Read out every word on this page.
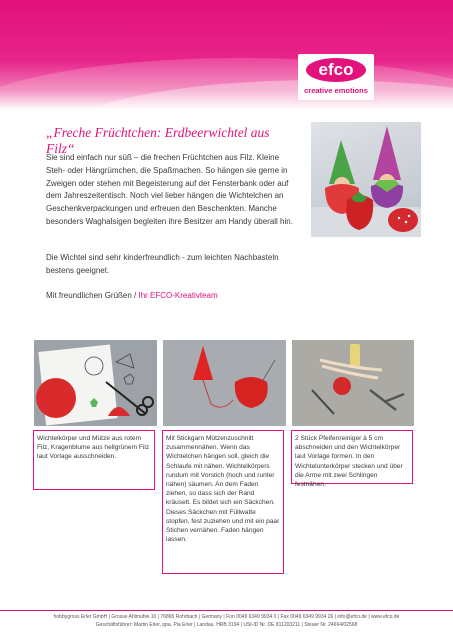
efco
creative emotions
„Freche Früchtchen: Erdbeerwichtel aus Filz“

Sie sind einfach nur süß – die frechen Früchtchen aus Filz. Kleine Steh- oder Hängrümchen, die Spaßmachen. So hängen sie gerne in Zweigen oder stehen mit Begeisterung auf der Fensterbank oder auf dem Jahreszeitentisch. Noch viel lieber hängen die Wichtelchen an Geschenkverpackungen und erfreuen den Beschenkten. Manche besonders Waghalsigen begleiten ihre Besitzer am Handy überall hin.

Die Wichtel sind sehr kinderfreundlich - zum leichten Nachbasteln bestens geeignet.

Mit freundlichen Grüßen / Ihr EFCO-Kreativteam

Wichtelkörper und Mütze aus rotem Filz, Kragenblume aus hellgrünem Filz laut Vorlage ausschneiden.

Mit Stickgarn Mützenzuschnitt zusammennähen. Wenn das Wichtelchen hängen soll, gleich die Schlaufe mit nähen. Wichtelkörpers rundum mit Vorstich (hoch und runter nähen) säumen. An dem Faden ziehen, so dass sich der Rand kräuselt. Es bildet sich ein Säckchen. Dieses Säckchen mit Füllwatte stopfen, fest zuziehen und mit ein paar Stichen vernähen. Faden hängen lassen.

2 Stück Pfeifenreiniger à 5 cm abschneiden und den Wichtelkörper laut Vorlage formen. In den Wichtelunterkörper stecken und über die Arme mit zwei Schlingen festnähen.

hobbygross Erler GmbH | Grosse Ahlmühle 10 | 76865 Rohrbach | Germany | Fon 0049 6349 9934 0 | Fax 0049 6349 9934 26 | info@efco.de | www.efco.de

Geschäftsführer: Martin Erler, ppa. Pia Erler | Landau, HRB 3194 | USt-ID Nr. DE 811203211 | Steuer Nr. 24664/02568
